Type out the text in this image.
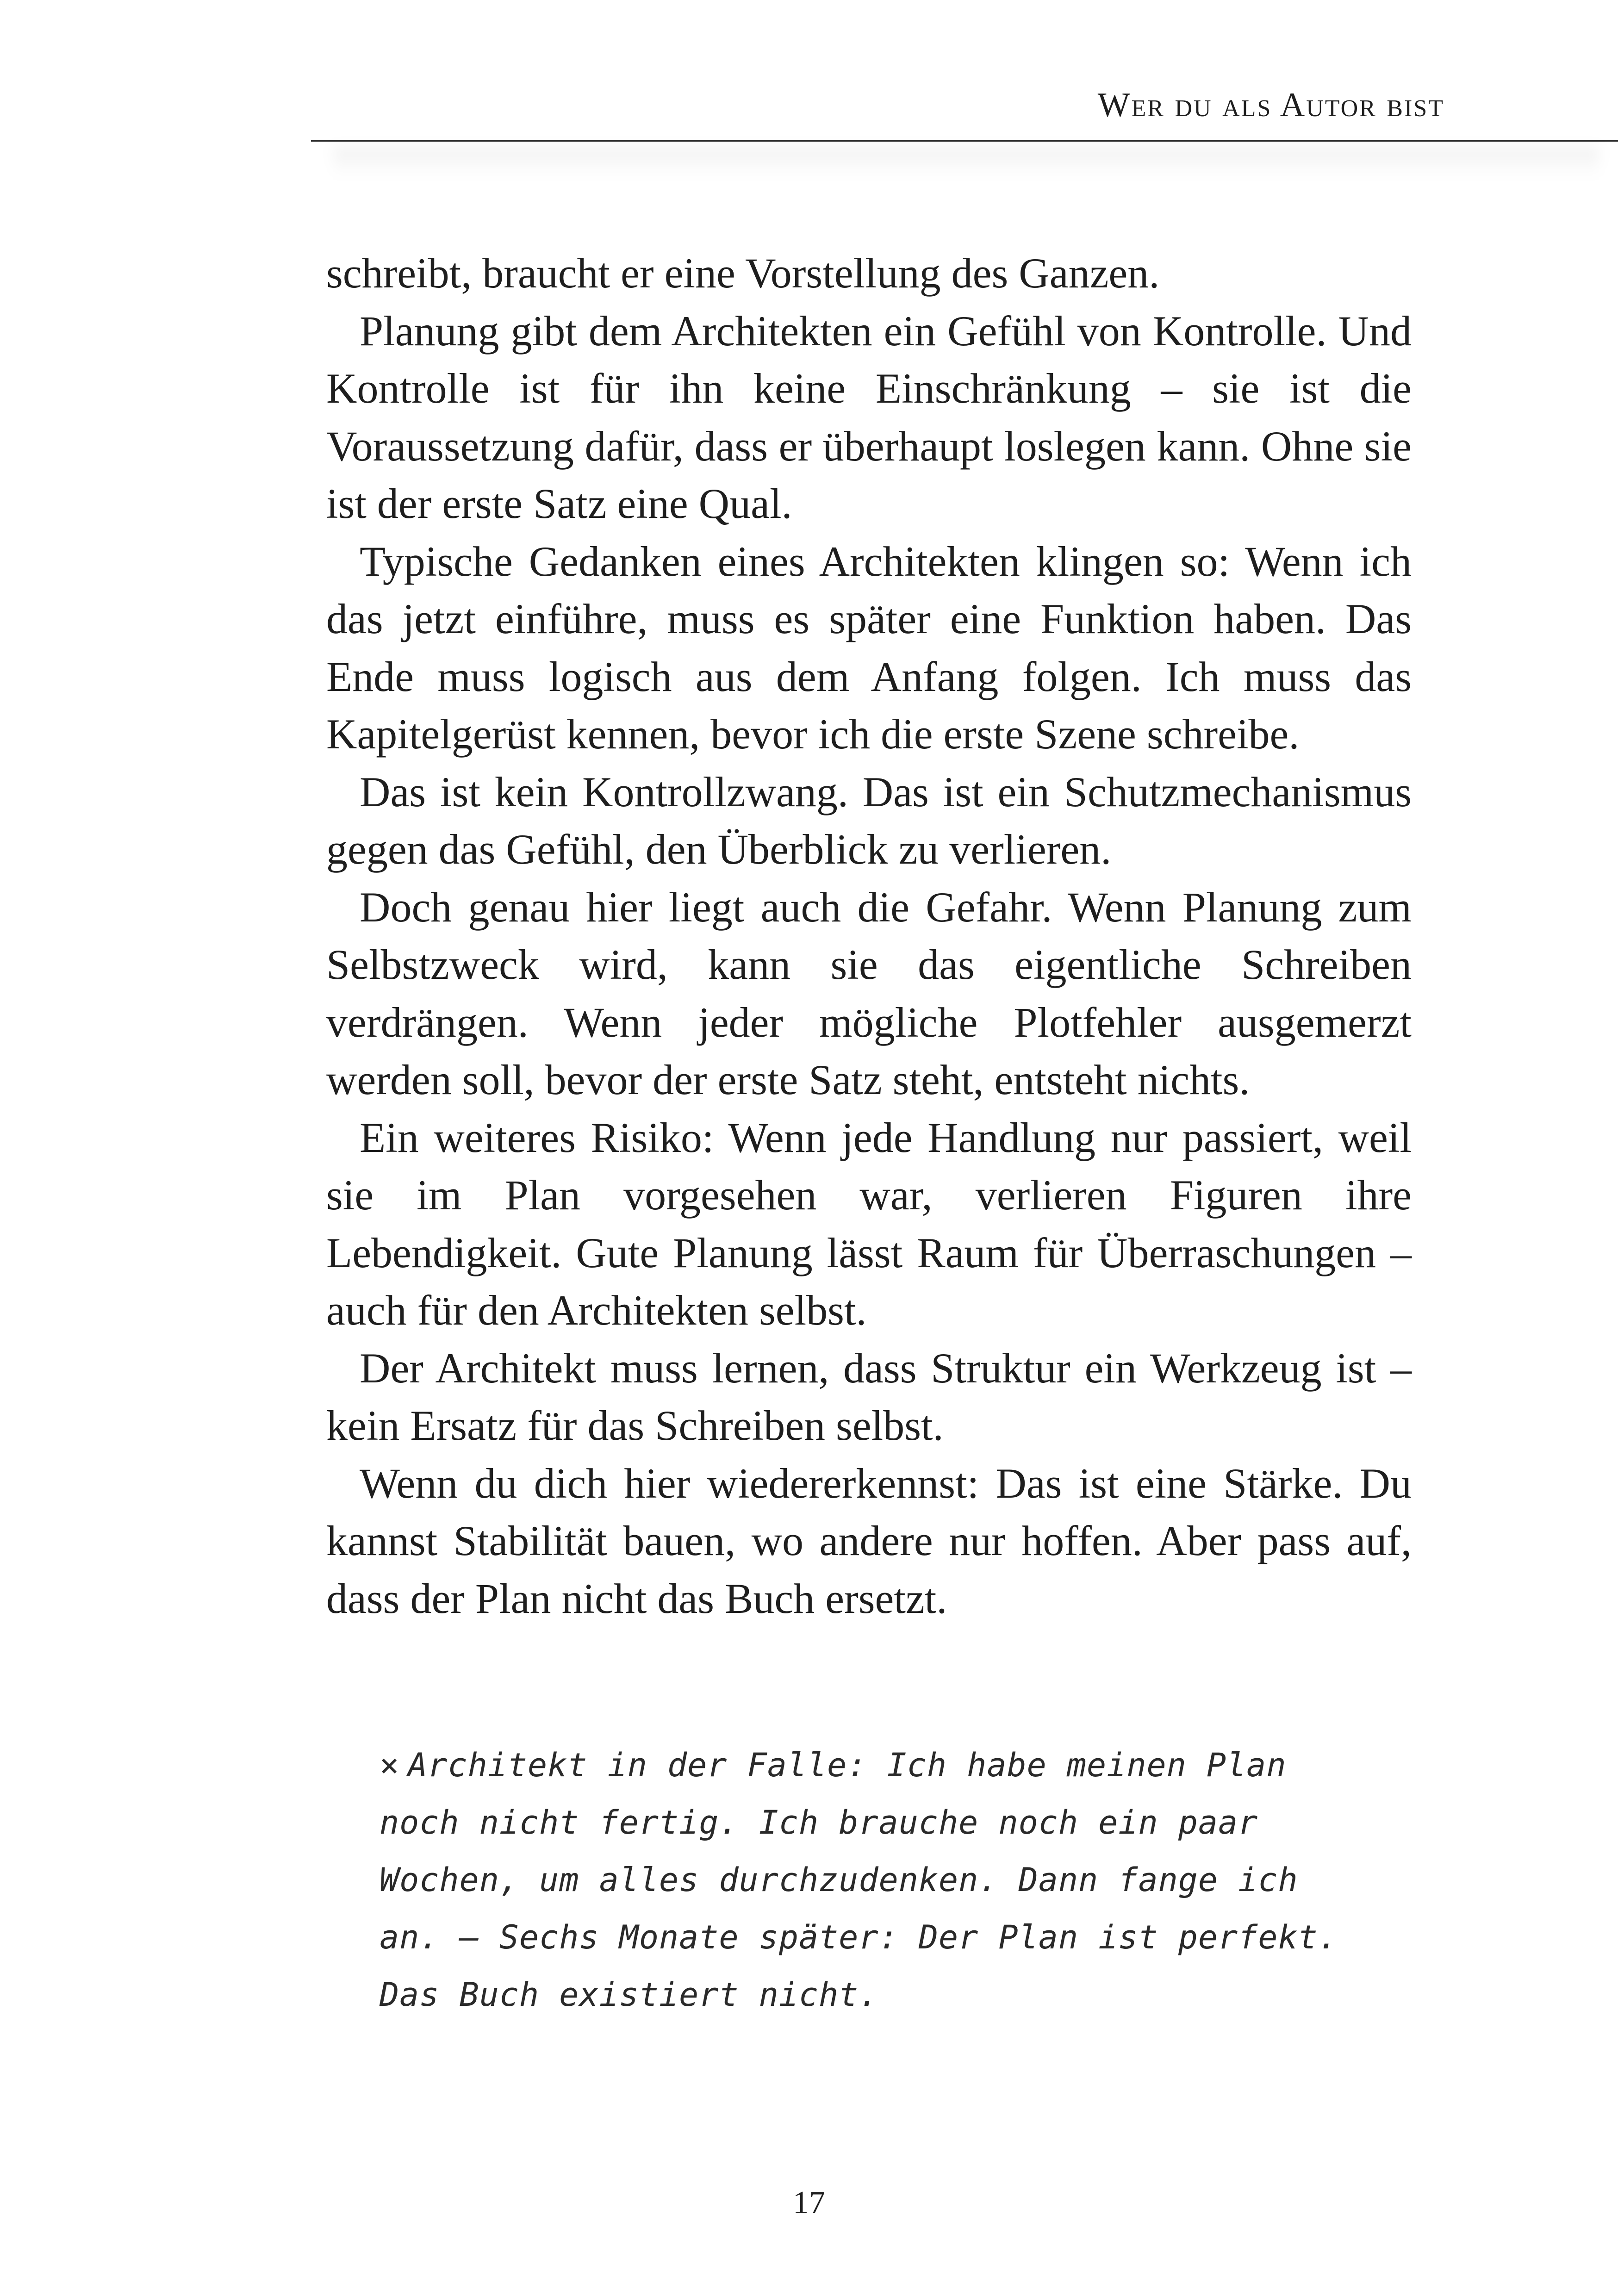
Wer du als Autor bist

schreibt, braucht er eine Vorstellung des Ganzen.

Planung gibt dem Architekten ein Gefühl von Kontrolle. Und Kontrolle ist für ihn keine Einschränkung – sie ist die Voraussetzung dafür, dass er überhaupt loslegen kann. Ohne sie ist der erste Satz eine Qual.

Typische Gedanken eines Architekten klingen so: Wenn ich das jetzt einführe, muss es später eine Funktion haben. Das Ende muss logisch aus dem Anfang folgen. Ich muss das Kapitelgerüst kennen, bevor ich die erste Szene schreibe.

Das ist kein Kontrollzwang. Das ist ein Schutzmechanismus gegen das Gefühl, den Überblick zu verlieren.

Doch genau hier liegt auch die Gefahr. Wenn Planung zum Selbstzweck wird, kann sie das eigentliche Schreiben verdrängen. Wenn jeder mögliche Plotfehler ausgemerzt werden soll, bevor der erste Satz steht, entsteht nichts.

Ein weiteres Risiko: Wenn jede Handlung nur passiert, weil sie im Plan vorgesehen war, verlieren Figuren ihre Lebendigkeit. Gute Planung lässt Raum für Überraschungen – auch für den Architekten selbst.

Der Architekt muss lernen, dass Struktur ein Werkzeug ist – kein Ersatz für das Schreiben selbst.

Wenn du dich hier wiedererkennst: Das ist eine Stärke. Du kannst Stabilität bauen, wo andere nur hoffen. Aber pass auf, dass der Plan nicht das Buch ersetzt.

× Architekt in der Falle: Ich habe meinen Plan noch nicht fertig. Ich brauche noch ein paar Wochen, um alles durchzudenken. Dann fange ich an. – Sechs Monate später: Der Plan ist perfekt. Das Buch existiert nicht.
17
